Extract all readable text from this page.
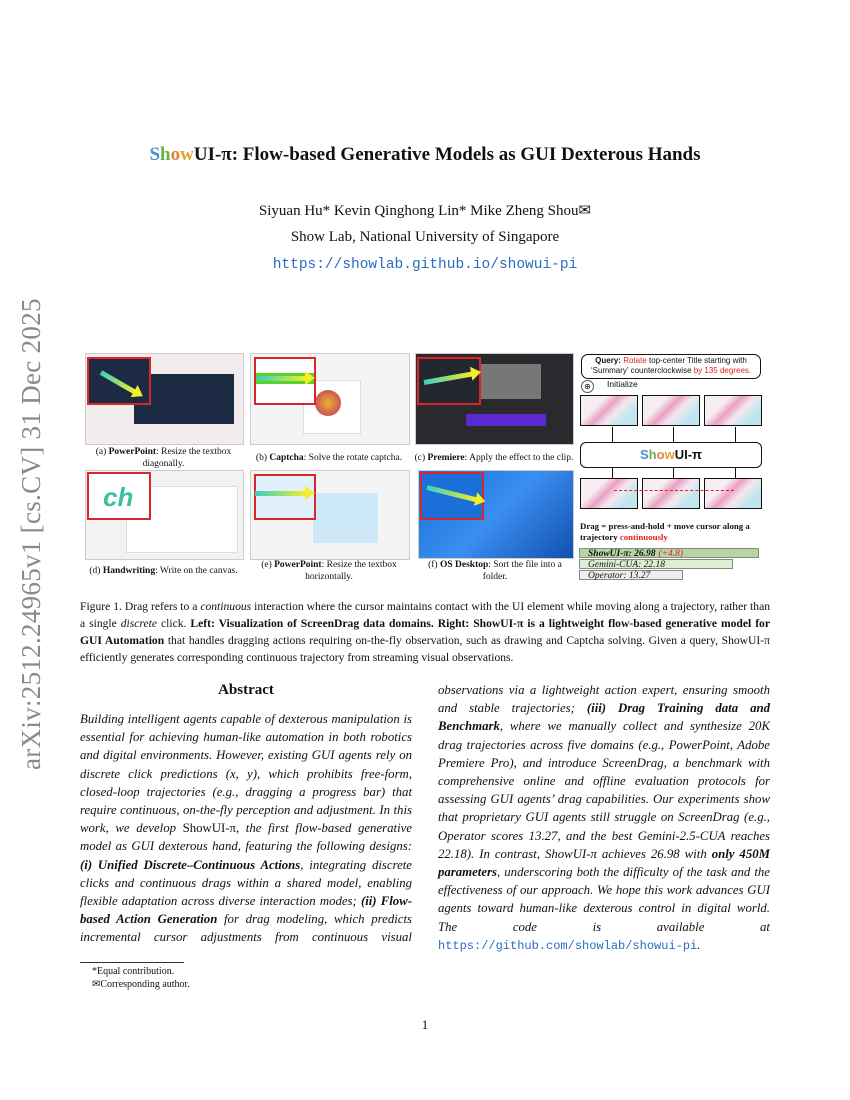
ShowUI-π: Flow-based Generative Models as GUI Dexterous Hands
Siyuan Hu* Kevin Qinghong Lin* Mike Zheng Shou✉
Show Lab, National University of Singapore
https://showlab.github.io/showui-pi
arXiv:2512.24965v1 [cs.CV] 31 Dec 2025	(a) PowerPoint: Resize the textbox diagonally.
(b) Captcha: Solve the rotate captcha.	(c) Premiere: Apply the effect to the clip.
ch
(d) Handwriting: Write on the canvas.
(e) PowerPoint: Resize the textbox horizontally.
(f) OS Desktop: Sort the file into a folder.
Query: Rotate top-center Title starting with ‘Summary’ counterclockwise by 135 degrees.
⊕	Initialize
ShowUI-π
Drag = press-and-hold + move cursor along a trajectory continuously
ShowUI-π: 26.98 (+4.8)
Gemini-CUA: 22.18
Operator: 13.27
Figure 1. Drag refers to a continuous interaction where the cursor maintains contact with the UI element while moving along a trajectory, rather than a single discrete click. Left: Visualization of ScreenDrag data domains. Right: ShowUI-π is a lightweight flow-based generative model for GUI Automation that handles dragging actions requiring on-the-fly observation, such as drawing and Captcha solving. Given a query, ShowUI-π efficiently generates corresponding continuous trajectory from streaming visual observations.
Abstract
Building intelligent agents capable of dexterous manipulation is essential for achieving human-like automation in both robotics and digital environments. However, existing GUI agents rely on discrete click predictions (x, y), which prohibits free-form, closed-loop trajectories (e.g., dragging a progress bar) that require continuous, on-the-fly perception and adjustment. In this work, we develop ShowUI-π, the first flow-based generative model as GUI dexterous hand, featuring the following designs: (i) Unified Discrete–Continuous Actions, integrating discrete clicks and continuous drags within a shared model, enabling flexible adaptation across diverse interaction modes; (ii) Flow-based Action Generation for drag modeling, which predicts incremental cursor adjustments from continuous visual observations via a lightweight action expert, ensuring smooth and stable trajectories; (iii) Drag Training data and Benchmark, where we manually collect and synthesize 20K drag trajectories across five domains (e.g., PowerPoint, Adobe Premiere Pro), and introduce ScreenDrag, a benchmark with comprehensive online and offline evaluation protocols for assessing GUI agents’ drag capabilities. Our experiments show that proprietary GUI agents still struggle on ScreenDrag (e.g., Operator scores 13.27, and the best Gemini-2.5-CUA reaches 22.18). In contrast, ShowUI-π achieves 26.98 with only 450M parameters, underscoring both the difficulty of the task and the effectiveness of our approach. We hope this work advances GUI agents toward human-like dexterous control in digital world. The code is available at https://github.com/showlab/showui-pi.
*Equal contribution.
✉Corresponding author.
1
